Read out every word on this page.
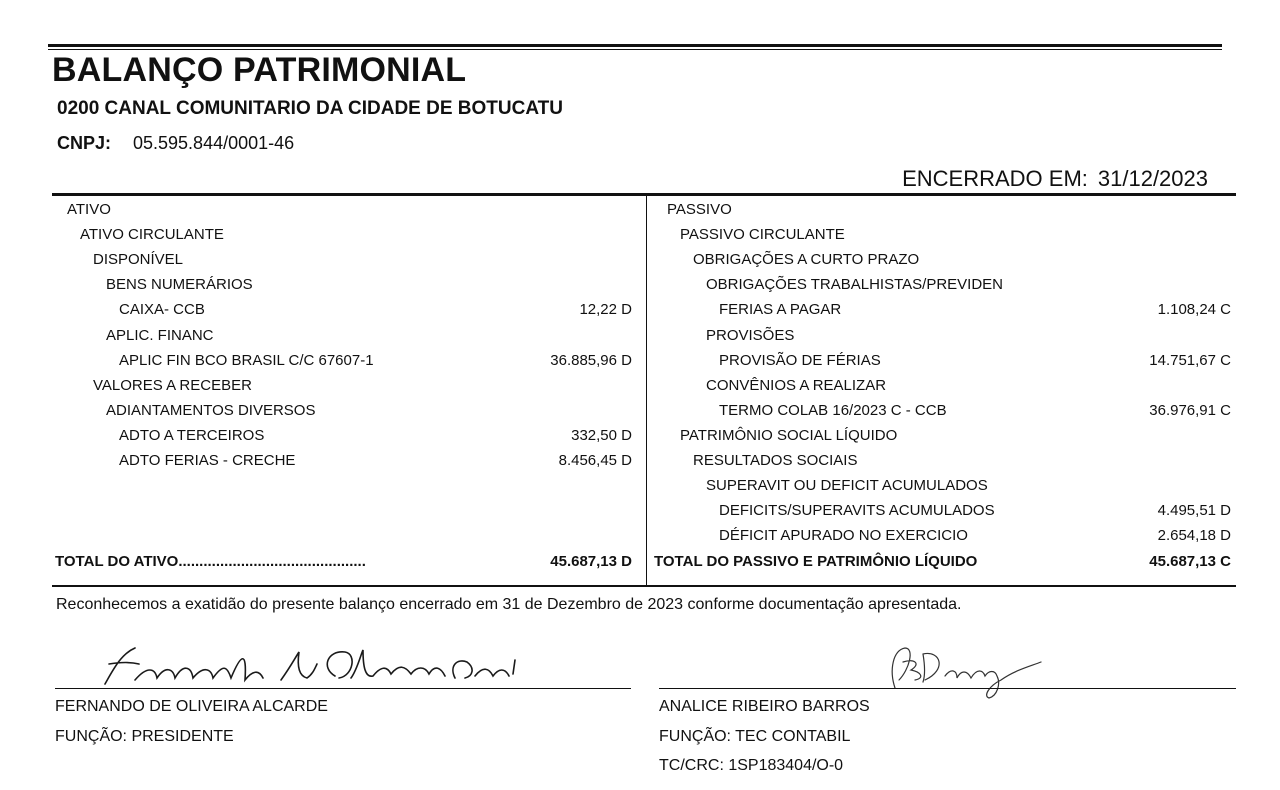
BALANÇO PATRIMONIAL
0200 CANAL COMUNITARIO DA CIDADE DE BOTUCATU
CNPJ: 05.595.844/0001-46
ENCERRADO EM: 31/12/2023
ATIVO
ATIVO CIRCULANTE
DISPONÍVEL
BENS NUMERÁRIOS
CAIXA- CCB	12,22 D
APLIC. FINANC
APLIC FIN BCO BRASIL C/C 67607-1	36.885,96 D
VALORES A RECEBER
ADIANTAMENTOS DIVERSOS
ADTO A TERCEIROS	332,50 D
ADTO FERIAS - CRECHE	8.456,45 D
TOTAL DO ATIVO.............................................	45.687,13 D
PASSIVO
PASSIVO CIRCULANTE
OBRIGAÇÕES A CURTO PRAZO
OBRIGAÇÕES TRABALHISTAS/PREVIDEN
FERIAS A PAGAR	1.108,24 C
PROVISÕES
PROVISÃO DE FÉRIAS	14.751,67 C
CONVÊNIOS A REALIZAR
TERMO COLAB 16/2023 C - CCB	36.976,91 C
PATRIMÔNIO SOCIAL LÍQUIDO
RESULTADOS SOCIAIS
SUPERAVIT OU DEFICIT ACUMULADOS
DEFICITS/SUPERAVITS ACUMULADOS	4.495,51 D
DÉFICIT APURADO NO EXERCICIO	2.654,18 D
TOTAL DO PASSIVO E PATRIMÔNIO LÍQUIDO	45.687,13 C
Reconhecemos a exatidão do presente balanço encerrado em 31 de Dezembro de 2023 conforme documentação apresentada.
FERNANDO DE OLIVEIRA ALCARDE
FUNÇÃO: PRESIDENTE
ANALICE RIBEIRO BARROS
FUNÇÃO: TEC CONTABIL
TC/CRC: 1SP183404/O-0
